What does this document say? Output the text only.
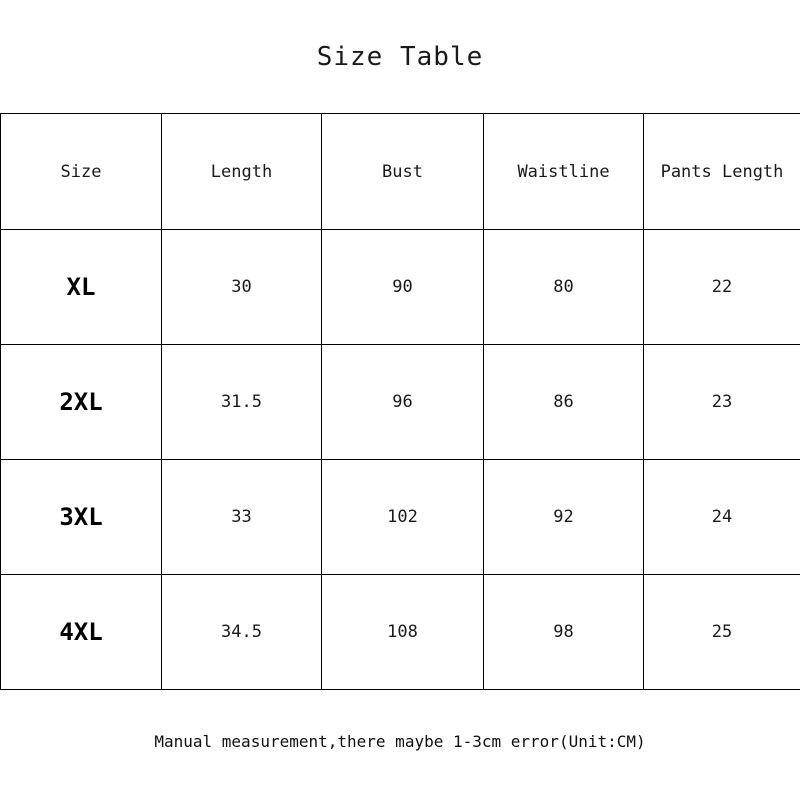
Size Table
Size	Length	Bust	Waistline	Pants Length
XL	30	90	80	22
2XL	31.5	96	86	23
3XL	33	102	92	24
4XL	34.5	108	98	25
Manual measurement,there maybe 1-3cm error(Unit:CM)
